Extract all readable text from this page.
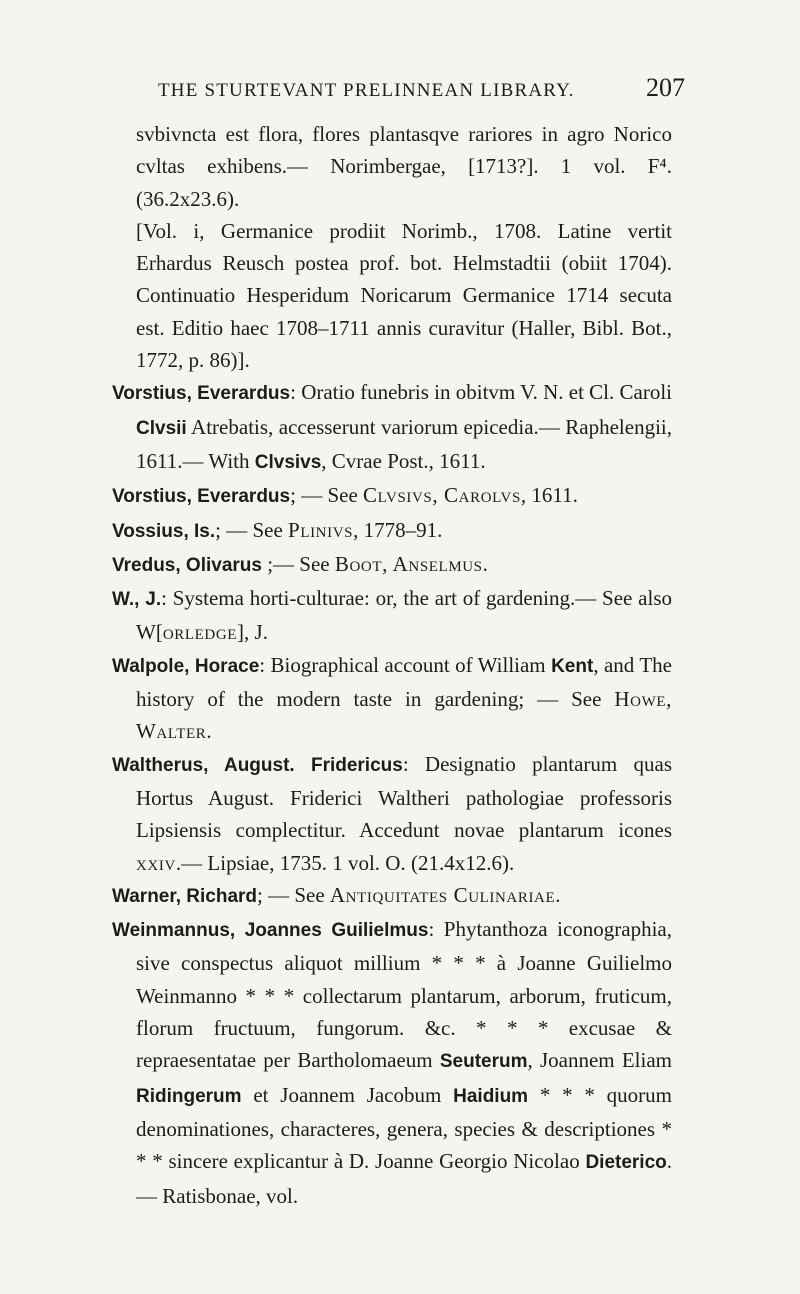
THE STURTEVANT PRELINNEAN LIBRARY.	207

svbivncta est flora, flores plantasqve rariores in agro Norico cvltas exhibens.— Norimbergae, [1713?]. 1 vol. F⁴. (36.2x23.6).

[Vol. i, Germanice prodiit Norimb., 1708. Latine vertit Erhardus Reusch postea prof. bot. Helmstadtii (obiit 1704). Continuatio Hesperidum Noricarum Germanice 1714 secuta est. Editio haec 1708–1711 annis curavitur (Haller, Bibl. Bot., 1772, p. 86)].

Vorstius, Everardus: Oratio funebris in obitvm V. N. et Cl. Caroli Clvsii Atrebatis, accesserunt variorum epicedia.— Raphelengii, 1611.— With Clvsivs, Cvrae Post., 1611.

Vorstius, Everardus; — See Clvsivs, Carolvs, 1611.

Vossius, Is.; — See Plinivs, 1778–91.

Vredus, Olivarus ;— See Boot, Anselmus.

W., J.: Systema horti-culturae: or, the art of gardening.— See also W[orledge], J.

Walpole, Horace: Biographical account of William Kent, and The history of the modern taste in gardening; — See Howe, Walter.

Waltherus, August. Fridericus: Designatio plantarum quas Hortus August. Friderici Waltheri pathologiae professoris Lipsiensis complectitur. Accedunt novae plantarum icones xxiv.— Lipsiae, 1735. 1 vol. O. (21.4x12.6).

Warner, Richard; — See Antiquitates Culinariae.

Weinmannus, Joannes Guilielmus: Phytanthoza iconographia, sive conspectus aliquot millium * * * à Joanne Guilielmo Weinmanno * * * collectarum plantarum, arborum, fruticum, florum fructuum, fungorum. &c. * * * excusae & repraesentatae per Bartholomaeum Seuterum, Joannem Eliam Ridingerum et Joannem Jacobum Haidium * * * quorum denominationes, characteres, genera, species & descriptiones * * * sincere explicantur à D. Joanne Georgio Nicolao Dieterico.— Ratisbonae, vol.
